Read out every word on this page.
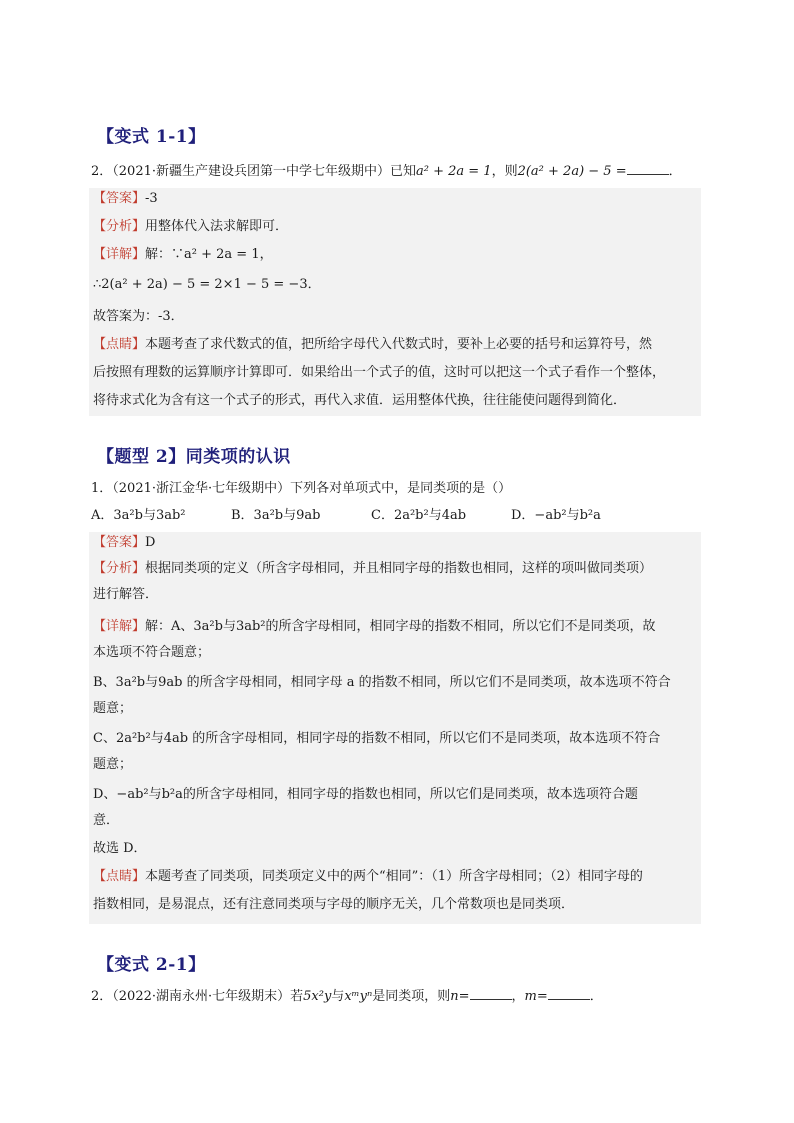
【变式 1-1】
2．（2021·新疆生产建设兵团第一中学七年级期中）已知a² + 2a = 1，则2(a² + 2a) − 5 =	．
【答案】-3
【分析】用整体代入法求解即可．
【详解】解：∵a² + 2a = 1，
∴2(a² + 2a) − 5 = 2×1 − 5 = −3．
故答案为：-3．
【点睛】本题考查了求代数式的值，把所给字母代入代数式时，要补上必要的括号和运算符号，然
后按照有理数的运算顺序计算即可．如果给出一个式子的值，这时可以把这一个式子看作一个整体，
将待求式化为含有这一个式子的形式，再代入求值．运用整体代换，往往能使问题得到简化．
【题型 2】同类项的认识
1．（2021·浙江金华·七年级期中）下列各对单项式中，是同类项的是（）
A．3a²b与3ab²	B．3a²b与9ab	C．2a²b²与4ab	D．−ab²与b²a
【答案】D
【分析】根据同类项的定义（所含字母相同，并且相同字母的指数也相同，这样的项叫做同类项）
进行解答．
【详解】解：A、3a²b与3ab²的所含字母相同，相同字母的指数不相同，所以它们不是同类项，故
本选项不符合题意；
B、3a²b与9ab 的所含字母相同，相同字母 a 的指数不相同，所以它们不是同类项，故本选项不符合
题意；
C、2a²b²与4ab 的所含字母相同，相同字母的指数不相同，所以它们不是同类项，故本选项不符合
题意；
D、−ab²与b²a的所含字母相同，相同字母的指数也相同，所以它们是同类项，故本选项符合题
意．
故选 D．
【点睛】本题考查了同类项，同类项定义中的两个“相同”：（1）所含字母相同；（2）相同字母的
指数相同，是易混点，还有注意同类项与字母的顺序无关，几个常数项也是同类项．
【变式 2-1】
2．（2022·湖南永州·七年级期末）若5x²y与xᵐyⁿ是同类项，则n=	，m=	．
